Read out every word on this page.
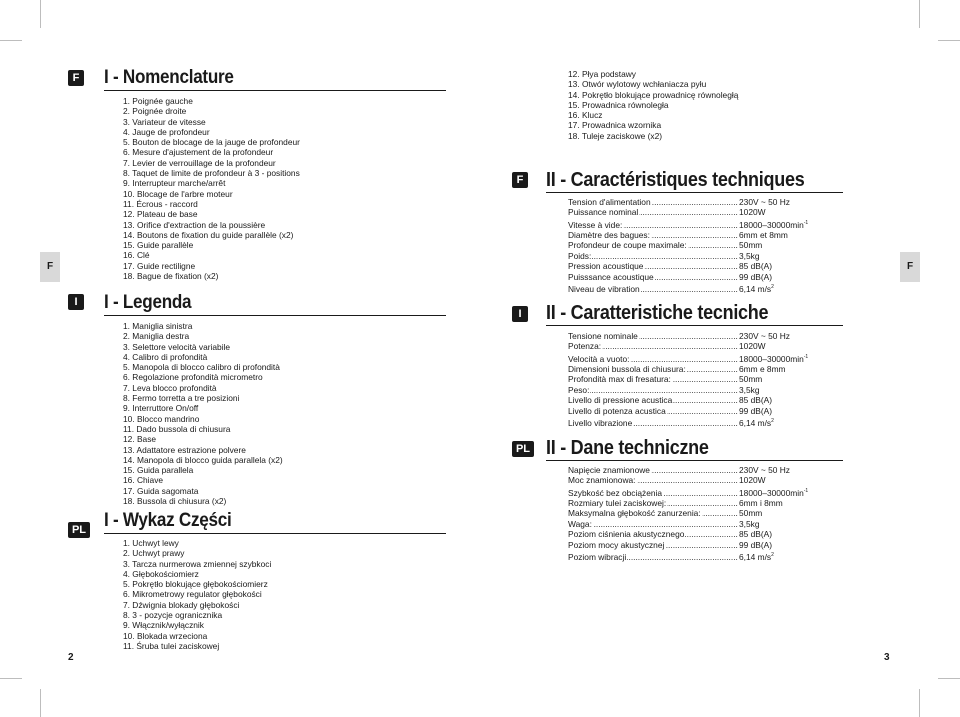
F
F I - Nomenclature
1. Poignée gauche
2. Poignée droite
3. Variateur de vitesse
4. Jauge de profondeur
5. Bouton de blocage de la jauge de profondeur
6. Mesure d'ajustement de la profondeur
7. Levier de verrouillage de la profondeur
8. Taquet de limite de profondeur à 3 - positions
9. Interrupteur marche/arrêt
10. Blocage de l'arbre moteur
11. Écrous - raccord
12. Plateau de base
13. Orifice d'extraction de la poussière
14. Boutons de fixation du guide parallèle (x2)
15. Guide parallèle
16. Clé
17. Guide rectiligne
18. Bague de fixation (x2)
I	I - Legenda
1. Maniglia sinistra
2. Maniglia destra
3. Selettore velocità variabile
4. Calibro di profondità
5. Manopola di blocco calibro di profondità
6. Regolazione profondità micrometro
7. Leva blocco profondità
8. Fermo torretta a tre posizioni
9. Interruttore On/off
10. Blocco mandrino
11. Dado bussola di chiusura
12. Base
13. Adattatore estrazione polvere
14. Manopola di blocco guida parallela (x2)
15. Guida parallela
16. Chiave
17. Guida sagomata
18. Bussola di chiusura (x2)
PL I - Wykaz Części
1. Uchwyt lewy
2. Uchwyt prawy
3. Tarcza nurmerowa zmiennej szybkoci
4. Głębokościomierz
5. Pokrętło blokujące głębokościomierz
6. Mikrometrowy regulator głębokości
7. Dźwignia blokady głębokości
8. 3 - pozycje ogranicznika
9. Włącznik/wyłącznik
10. Blokada wrzeciona
11. Śruba tulei zaciskowej
2
F
12. Płya podstawy
13. Otwór wylotowy wchłaniacza pyłu
14. Pokrętło blokujące prowadnicę równoległą
15. Prowadnica równoległa
16. Klucz
17. Prowadnica wzornika
18. Tuleje zaciskowe (x2)
F II - Caractéristiques techniques
Tension d'alimentation .....	230V ~ 50 Hz
Puissance nominal .....	1020W
Vitesse à vide: .....	$18000-30000\min^{-1}$
Diamètre des bagues: .....	6mm et 8mm
Profondeur de coupe maximale: .....	50mm
Poids: .....	3,5kg
Pression acoustique .....	85 dB(A)
Puisssance acoustique .....	99 dB(A)
Niveau de vibration .....	6,14 $m/s^2$
I	II - Caratteristiche tecniche
Tensione nominale .....	230V ~ 50 Hz
Potenza: .....	1020W
Velocità a vuoto: .....	$18000-30000\min^{-1}$
Dimensioni bussola di chiusura: .....	6mm e 8mm
Profondità max di fresatura: .....	50mm
Peso: .....	3,5kg
Livello di pressione acustica .....	85 dB(A)
Livello di potenza acustica .....	99 dB(A)
Livello vibrazione .....	6,14 $m/s^2$
PL II - Dane techniczne
Napięcie znamionowe .....	230V ~ 50 Hz
Moc znamionowa: .....	1020W
Szybkość bez obciążenia .....	$18000-30000\min^{-1}$
Rozmiary tulei zaciskowej: .....	6mm i 8mm
Maksymalna głębokość zanurzenia: .....	50mm
Waga: .....	3,5kg
Poziom ciśnienia akustycznego .....	85 dB(A)
Poziom mocy akustycznej .....	99 dB(A)
Poziom wibracji .....	6,14 $m/s^2$
3
